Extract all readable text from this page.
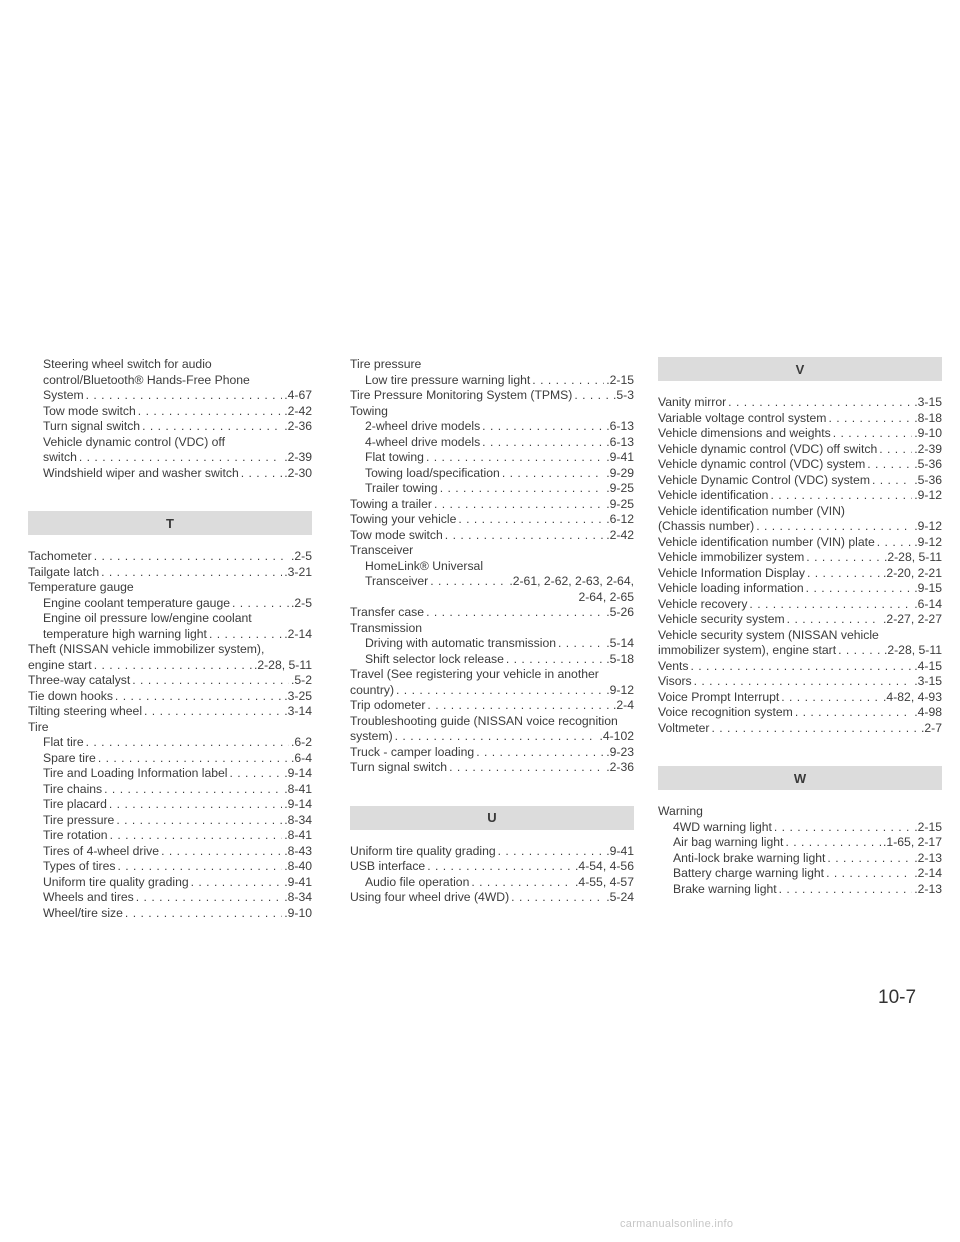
Steering wheel switch for audio
control/Bluetooth® Hands-Free Phone
System . . .	.4-67
Tow mode switch . . .	.2-42
Turn signal switch . . .	.2-36
Vehicle dynamic control (VDC) off
switch . . .	.2-39
Windshield wiper and washer switch . . .	.2-30
T
Tachometer . . .	.2-5
Tailgate latch . . .	.3-21
Temperature gauge
Engine coolant temperature gauge . . .	.2-5
Engine oil pressure low/engine coolant
temperature high warning light . . .	.2-14
Theft (NISSAN vehicle immobilizer system),
engine start . . .	.2-28, 5-11
Three-way catalyst . . .	.5-2
Tie down hooks . . .	.3-25
Tilting steering wheel . . .	.3-14
Tire
Flat tire . . .	.6-2
Spare tire . . .	.6-4
Tire and Loading Information label . . .	.9-14
Tire chains . . .	.8-41
Tire placard . . .	.9-14
Tire pressure . . .	.8-34
Tire rotation . . .	.8-41
Tires of 4-wheel drive . . .	.8-43
Types of tires . . .	.8-40
Uniform tire quality grading . . .	.9-41
Wheels and tires . . .	.8-34
Wheel/tire size . . .	.9-10
Tire pressure
Low tire pressure warning light . . .	.2-15
Tire Pressure Monitoring System (TPMS) . . .	.5-3
Towing
2-wheel drive models . . .	.6-13
4-wheel drive models . . .	.6-13
Flat towing . . .	.9-41
Towing load/specification . . .	.9-29
Trailer towing . . .	.9-25
Towing a trailer . . .	.9-25
Towing your vehicle . . .	.6-12
Tow mode switch . . .	.2-42
Transceiver
HomeLink® Universal
Transceiver . . .	.2-61, 2-62, 2-63, 2-64,
2-64, 2-65
Transfer case . . .	.5-26
Transmission
Driving with automatic transmission . . .	.5-14
Shift selector lock release . . .	.5-18
Travel (See registering your vehicle in another
country) . . .	.9-12
Trip odometer . . .	.2-4
Troubleshooting guide (NISSAN voice recognition
system) . . .	.4-102
Truck - camper loading . . .	.9-23
Turn signal switch . . .	.2-36
U
Uniform tire quality grading . . .	.9-41
USB interface . . .	.4-54, 4-56
Audio file operation . . .	.4-55, 4-57
Using four wheel drive (4WD) . . .	.5-24
V
Vanity mirror . . .	.3-15
Variable voltage control system . . .	.8-18
Vehicle dimensions and weights . . .	.9-10
Vehicle dynamic control (VDC) off switch . . .	.2-39
Vehicle dynamic control (VDC) system . . .	.5-36
Vehicle Dynamic Control (VDC) system . . .	.5-36
Vehicle identification . . .	.9-12
Vehicle identification number (VIN)
(Chassis number) . . .	.9-12
Vehicle identification number (VIN) plate . . .	.9-12
Vehicle immobilizer system . . .	.2-28, 5-11
Vehicle Information Display . . .	.2-20, 2-21
Vehicle loading information . . .	.9-15
Vehicle recovery . . .	.6-14
Vehicle security system . . .	.2-27, 2-27
Vehicle security system (NISSAN vehicle
immobilizer system), engine start . . .	.2-28, 5-11
Vents . . .	.4-15
Visors . . .	.3-15
Voice Prompt Interrupt . . .	.4-82, 4-93
Voice recognition system . . .	.4-98
Voltmeter . . .	.2-7
W
Warning
4WD warning light . . .	.2-15
Air bag warning light . . .	.1-65, 2-17
Anti-lock brake warning light . . .	.2-13
Battery charge warning light . . .	.2-14
Brake warning light . . .	.2-13
10-7
carmanualsonline.info
